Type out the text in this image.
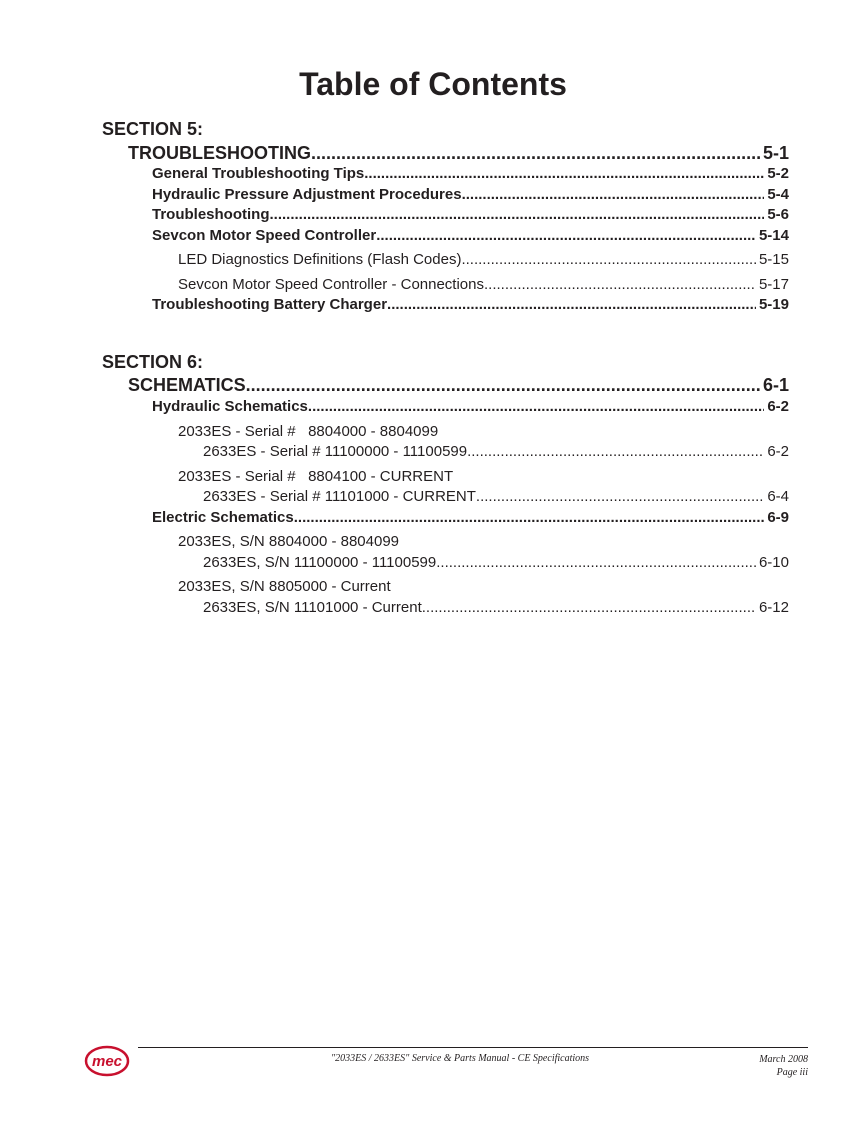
Table of Contents
SECTION 5:
TROUBLESHOOTING .....	5-1
General Troubleshooting Tips .....	5-2
Hydraulic Pressure Adjustment Procedures .....	5-4
Troubleshooting .....	5-6
Sevcon Motor Speed Controller .....	5-14
LED Diagnostics Definitions (Flash Codes) .....	5-15
Sevcon Motor Speed Controller - Connections .....	5-17
Troubleshooting Battery Charger .....	5-19
SECTION 6:
SCHEMATICS .....	6-1
Hydraulic Schematics .....	6-2
2033ES - Serial #   8804000 - 8804099
2633ES - Serial # 11100000 - 11100599 .....	6-2
2033ES - Serial #   8804100 - CURRENT
2633ES - Serial # 11101000 - CURRENT .....	6-4
Electric Schematics .....	6-9
2033ES, S/N 8804000 - 8804099
2633ES, S/N 11100000 - 11100599 .....	6-10
2033ES, S/N 8805000 - Current
2633ES, S/N 11101000 - Current .....	6-12
mec	"2033ES / 2633ES" Service & Parts Manual - CE Specifications	March 2008
Page iii
